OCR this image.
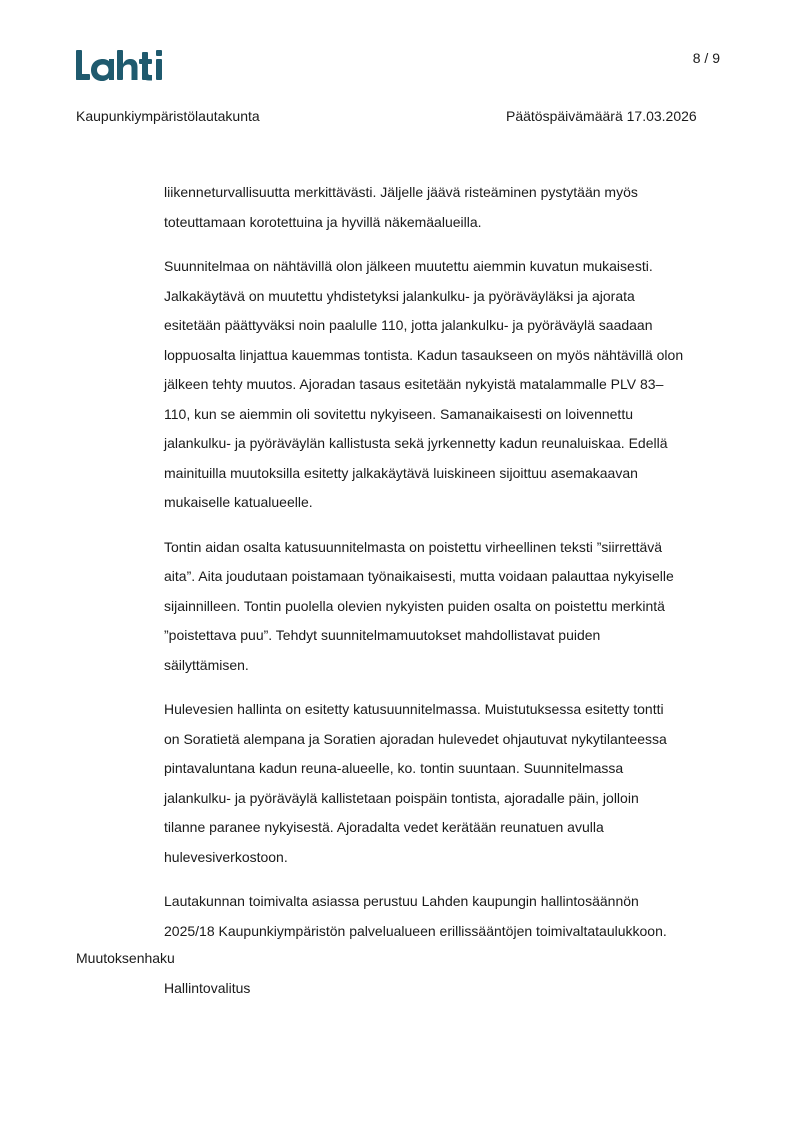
8 / 9
Kaupunkiympäristölautakunta	Päätöspäivämäärä 17.03.2026

liikenneturvallisuutta merkittävästi. Jäljelle jäävä risteäminen pystytään myös
toteuttamaan korotettuina ja hyvillä näkemäalueilla.

Suunnitelmaa on nähtävillä olon jälkeen muutettu aiemmin kuvatun mukaisesti.
Jalkakäytävä on muutettu yhdistetyksi jalankulku- ja pyöräväyläksi ja ajorata
esitetään päättyväksi noin paalulle 110, jotta jalankulku- ja pyöräväylä saadaan
loppuosalta linjattua kauemmas tontista. Kadun tasaukseen on myös nähtävillä olon
jälkeen tehty muutos. Ajoradan tasaus esitetään nykyistä matalammalle PLV 83–
110, kun se aiemmin oli sovitettu nykyiseen. Samanaikaisesti on loivennettu
jalankulku- ja pyöräväylän kallistusta sekä jyrkennetty kadun reunaluiskaa. Edellä
mainituilla muutoksilla esitetty jalkakäytävä luiskineen sijoittuu asemakaavan
mukaiselle katualueelle.

Tontin aidan osalta katusuunnitelmasta on poistettu virheellinen teksti ”siirrettävä
aita”. Aita joudutaan poistamaan työnaikaisesti, mutta voidaan palauttaa nykyiselle
sijainnilleen. Tontin puolella olevien nykyisten puiden osalta on poistettu merkintä
”poistettava puu”. Tehdyt suunnitelmamuutokset mahdollistavat puiden
säilyttämisen.

Hulevesien hallinta on esitetty katusuunnitelmassa. Muistutuksessa esitetty tontti
on Soratietä alempana ja Soratien ajoradan hulevedet ohjautuvat nykytilanteessa
pintavaluntana kadun reuna-alueelle, ko. tontin suuntaan. Suunnitelmassa
jalankulku- ja pyöräväylä kallistetaan poispäin tontista, ajoradalle päin, jolloin
tilanne paranee nykyisestä. Ajoradalta vedet kerätään reunatuen avulla
hulevesiverkostoon.

Lautakunnan toimivalta asiassa perustuu Lahden kaupungin hallintosäännön
2025/18 Kaupunkiympäristön palvelualueen erillissääntöjen toimivaltataulukkoon.

Muutoksenhaku
Hallintovalitus
